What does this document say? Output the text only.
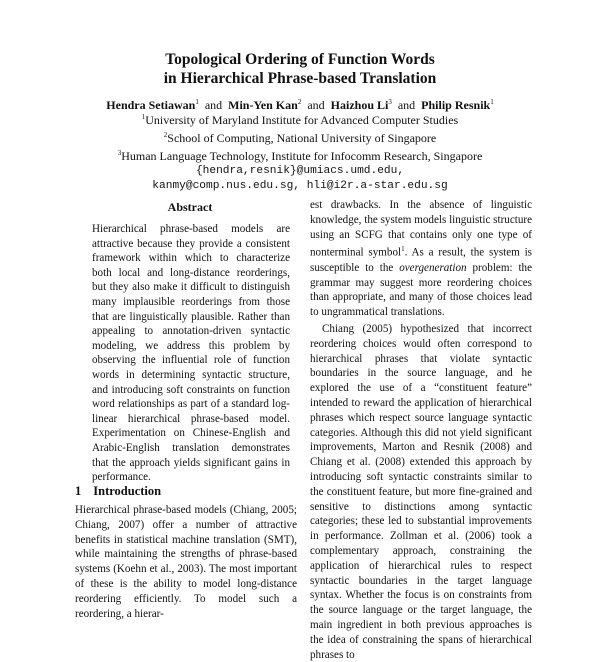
Topological Ordering of Function Words
in Hierarchical Phrase-based Translation
Hendra Setiawan$^1$ and Min-Yen Kan$^2$ and Haizhou Li$^3$ and Philip Resnik$^1$
$^1$University of Maryland Institute for Advanced Computer Studies
$^2$School of Computing, National University of Singapore
$^3$Human Language Technology, Institute for Infocomm Research, Singapore
{hendra,resnik}@umiacs.umd.edu,
kanmy@comp.nus.edu.sg, hli@i2r.a-star.edu.sg
Abstract

Hierarchical phrase-based models are attractive because they provide a consistent framework within which to characterize both local and long-distance reorderings, but they also make it difficult to distinguish many implausible reorderings from those that are linguistically plausible. Rather than appealing to annotation-driven syntactic modeling, we address this problem by observing the influential role of function words in determining syntactic structure, and introducing soft constraints on function word relationships as part of a standard log-linear hierarchical phrase-based model. Experimentation on Chinese-English and Arabic-English translation demonstrates that the approach yields significant gains in performance.

1 Introduction

Hierarchical phrase-based models (Chiang, 2005; Chiang, 2007) offer a number of attractive benefits in statistical machine translation (SMT), while maintaining the strengths of phrase-based systems (Koehn et al., 2003). The most important of these is the ability to model long-distance reordering efficiently. To model such a reordering, a hierar-

est drawbacks. In the absence of linguistic knowledge, the system models linguistic structure using an SCFG that contains only one type of nonterminal symbol$^1$. As a result, the system is susceptible to the overgeneration problem: the grammar may suggest more reordering choices than appropriate, and many of those choices lead to ungrammatical translations.

Chiang (2005) hypothesized that incorrect reordering choices would often correspond to hierarchical phrases that violate syntactic boundaries in the source language, and he explored the use of a “constituent feature” intended to reward the application of hierarchical phrases which respect source language syntactic categories. Although this did not yield significant improvements, Marton and Resnik (2008) and Chiang et al. (2008) extended this approach by introducing soft syntactic constraints similar to the constituent feature, but more fine-grained and sensitive to distinctions among syntactic categories; these led to substantial improvements in performance. Zollman et al. (2006) took a complementary approach, constraining the application of hierarchical rules to respect syntactic boundaries in the target language syntax. Whether the focus is on constraints from the source language or the target language, the main ingredient in both previous approaches is the idea of constraining the spans of hierarchical phrases to
